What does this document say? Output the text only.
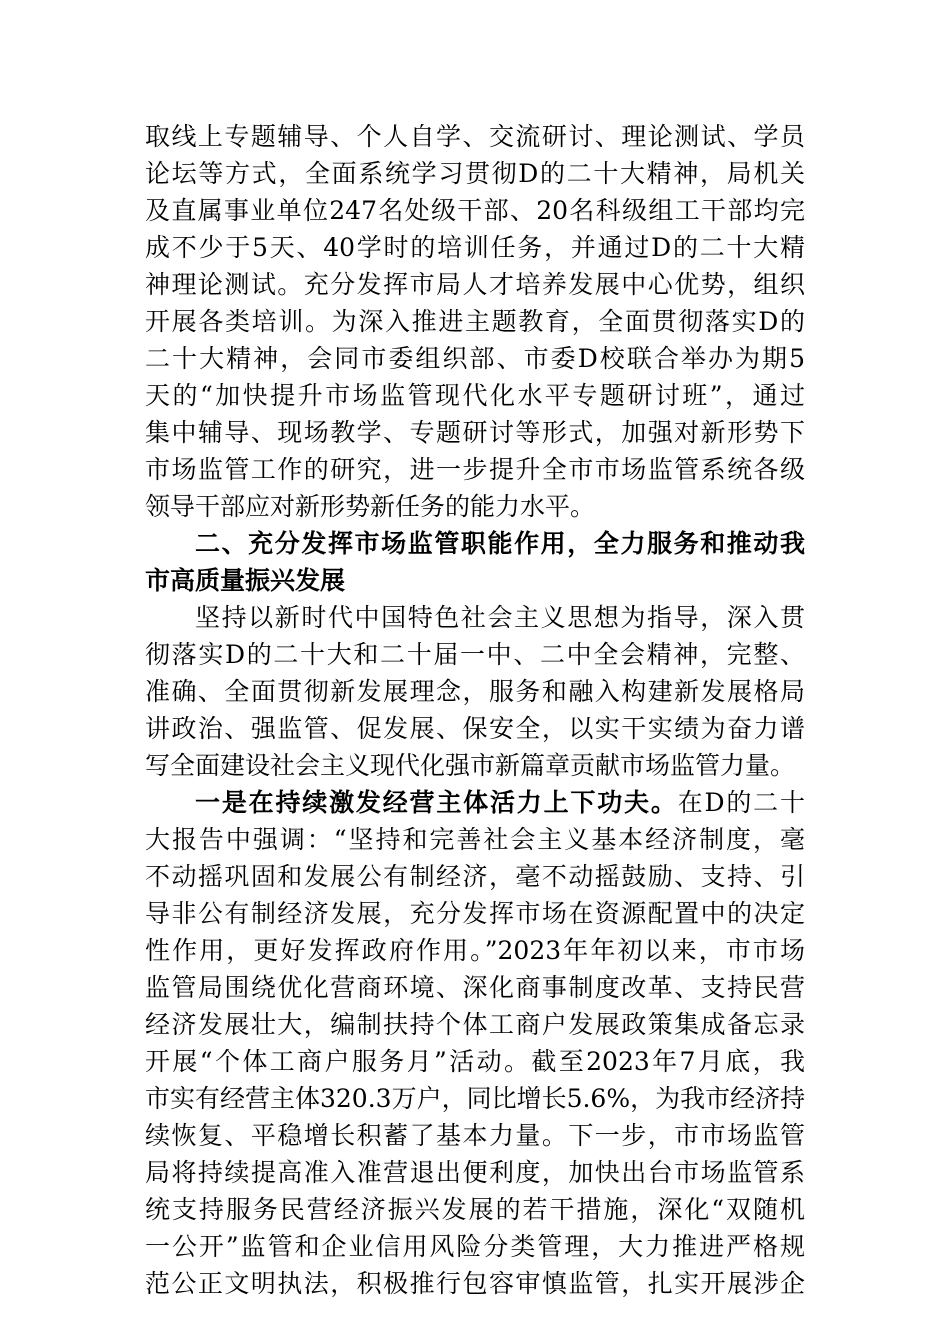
取线上专题辅导、个人自学、交流研讨、理论测试、学员
论坛等方式，全面系统学习贯彻D的二十大精神，局机关
及直属事业单位247名处级干部、20名科级组工干部均完
成不少于5天、40学时的培训任务，并通过D的二十大精
神理论测试。充分发挥市局人才培养发展中心优势，组织
开展各类培训。为深入推进主题教育，全面贯彻落实D的
二十大精神，会同市委组织部、市委D校联合举办为期5
天的“加快提升市场监管现代化水平专题研讨班”，通过
集中辅导、现场教学、专题研讨等形式，加强对新形势下
市场监管工作的研究，进一步提升全市市场监管系统各级
领导干部应对新形势新任务的能力水平。
二、充分发挥市场监管职能作用，全力服务和推动我
市高质量振兴发展
坚持以新时代中国特色社会主义思想为指导，深入贯
彻落实D的二十大和二十届一中、二中全会精神，完整、
准确、全面贯彻新发展理念，服务和融入构建新发展格局
讲政治、强监管、促发展、保安全，以实干实绩为奋力谱
写全面建设社会主义现代化强市新篇章贡献市场监管力量。
一是在持续激发经营主体活力上下功夫。在D的二十
大报告中强调：“坚持和完善社会主义基本经济制度，毫
不动摇巩固和发展公有制经济，毫不动摇鼓励、支持、引
导非公有制经济发展，充分发挥市场在资源配置中的决定
性作用，更好发挥政府作用。”2023年年初以来，市市场
监管局围绕优化营商环境、深化商事制度改革、支持民营
经济发展壮大，编制扶持个体工商户发展政策集成备忘录
开展“个体工商户服务月”活动。截至2023年7月底，我
市实有经营主体320.3万户，同比增长5.6%，为我市经济持
续恢复、平稳增长积蓄了基本力量。下一步，市市场监管
局将持续提高准入准营退出便利度，加快出台市场监管系
统支持服务民营经济振兴发展的若干措施，深化“双随机
一公开”监管和企业信用风险分类管理，大力推进严格规
范公正文明执法，积极推行包容审慎监管，扎实开展涉企
